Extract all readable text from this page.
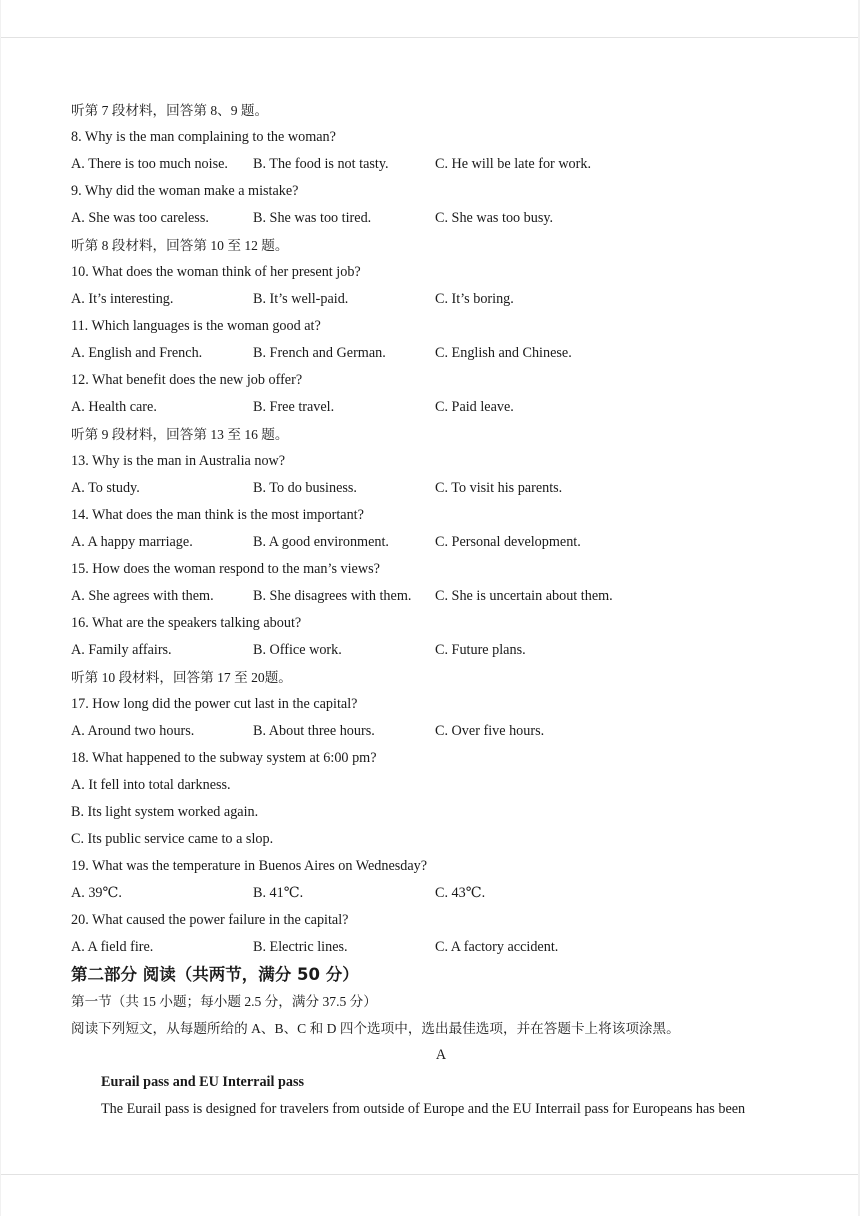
听第 7 段材料，回答第 8、9 题。
8. Why is the man complaining to the woman?
A. There is too much noise. B. The food is not tasty.	C. He will be late for work.
9. Why did the woman make a mistake?
A. She was too careless.	B. She was too tired.	C. She was too busy.
听第 8 段材料，回答第 10 至 12 题。
10. What does the woman think of her present job?
A. It’s interesting.	B. It’s well-paid.	C. It’s boring.
11. Which languages is the woman good at?
A. English and French.	B. French and German.	C. English and Chinese.
12. What benefit does the new job offer?
A. Health care.	B. Free travel.	C. Paid leave.
听第 9 段材料，回答第 13 至 16 题。
13. Why is the man in Australia now?
A. To study.	B. To do business.	C. To visit his parents.
14. What does the man think is the most important?
A. A happy marriage.	B. A good environment.	C. Personal development.
15. How does the woman respond to the man’s views?
A. She agrees with them.	B. She disagrees with them. C. She is uncertain about them.
16. What are the speakers talking about?
A. Family affairs.	B. Office work.	C. Future plans.
听第 10 段材料，回答第 17 至 20题。
17. How long did the power cut last in the capital?
A. Around two hours.	B. About three hours.	C. Over five hours.
18. What happened to the subway system at 6:00 pm?
A. It fell into total darkness.
B. Its light system worked again.
C. Its public service came to a slop.
19. What was the temperature in Buenos Aires on Wednesday?
A. 39℃.	B. 41℃.	C. 43℃.
20. What caused the power failure in the capital?
A. A field fire.	B. Electric lines.	C. A factory accident.
第二部分 阅读（共两节，满分 50 分）
第一节（共 15 小题；每小题 2.5 分，满分 37.5 分）
阅读下列短文，从每题所给的 A、B、C 和 D 四个选项中，选出最佳选项，并在答题卡上将该项涂黑。
A
Eurail pass and EU Interrail pass
The Eurail pass is designed for travelers from outside of Europe and the EU Interrail pass for Europeans has been
